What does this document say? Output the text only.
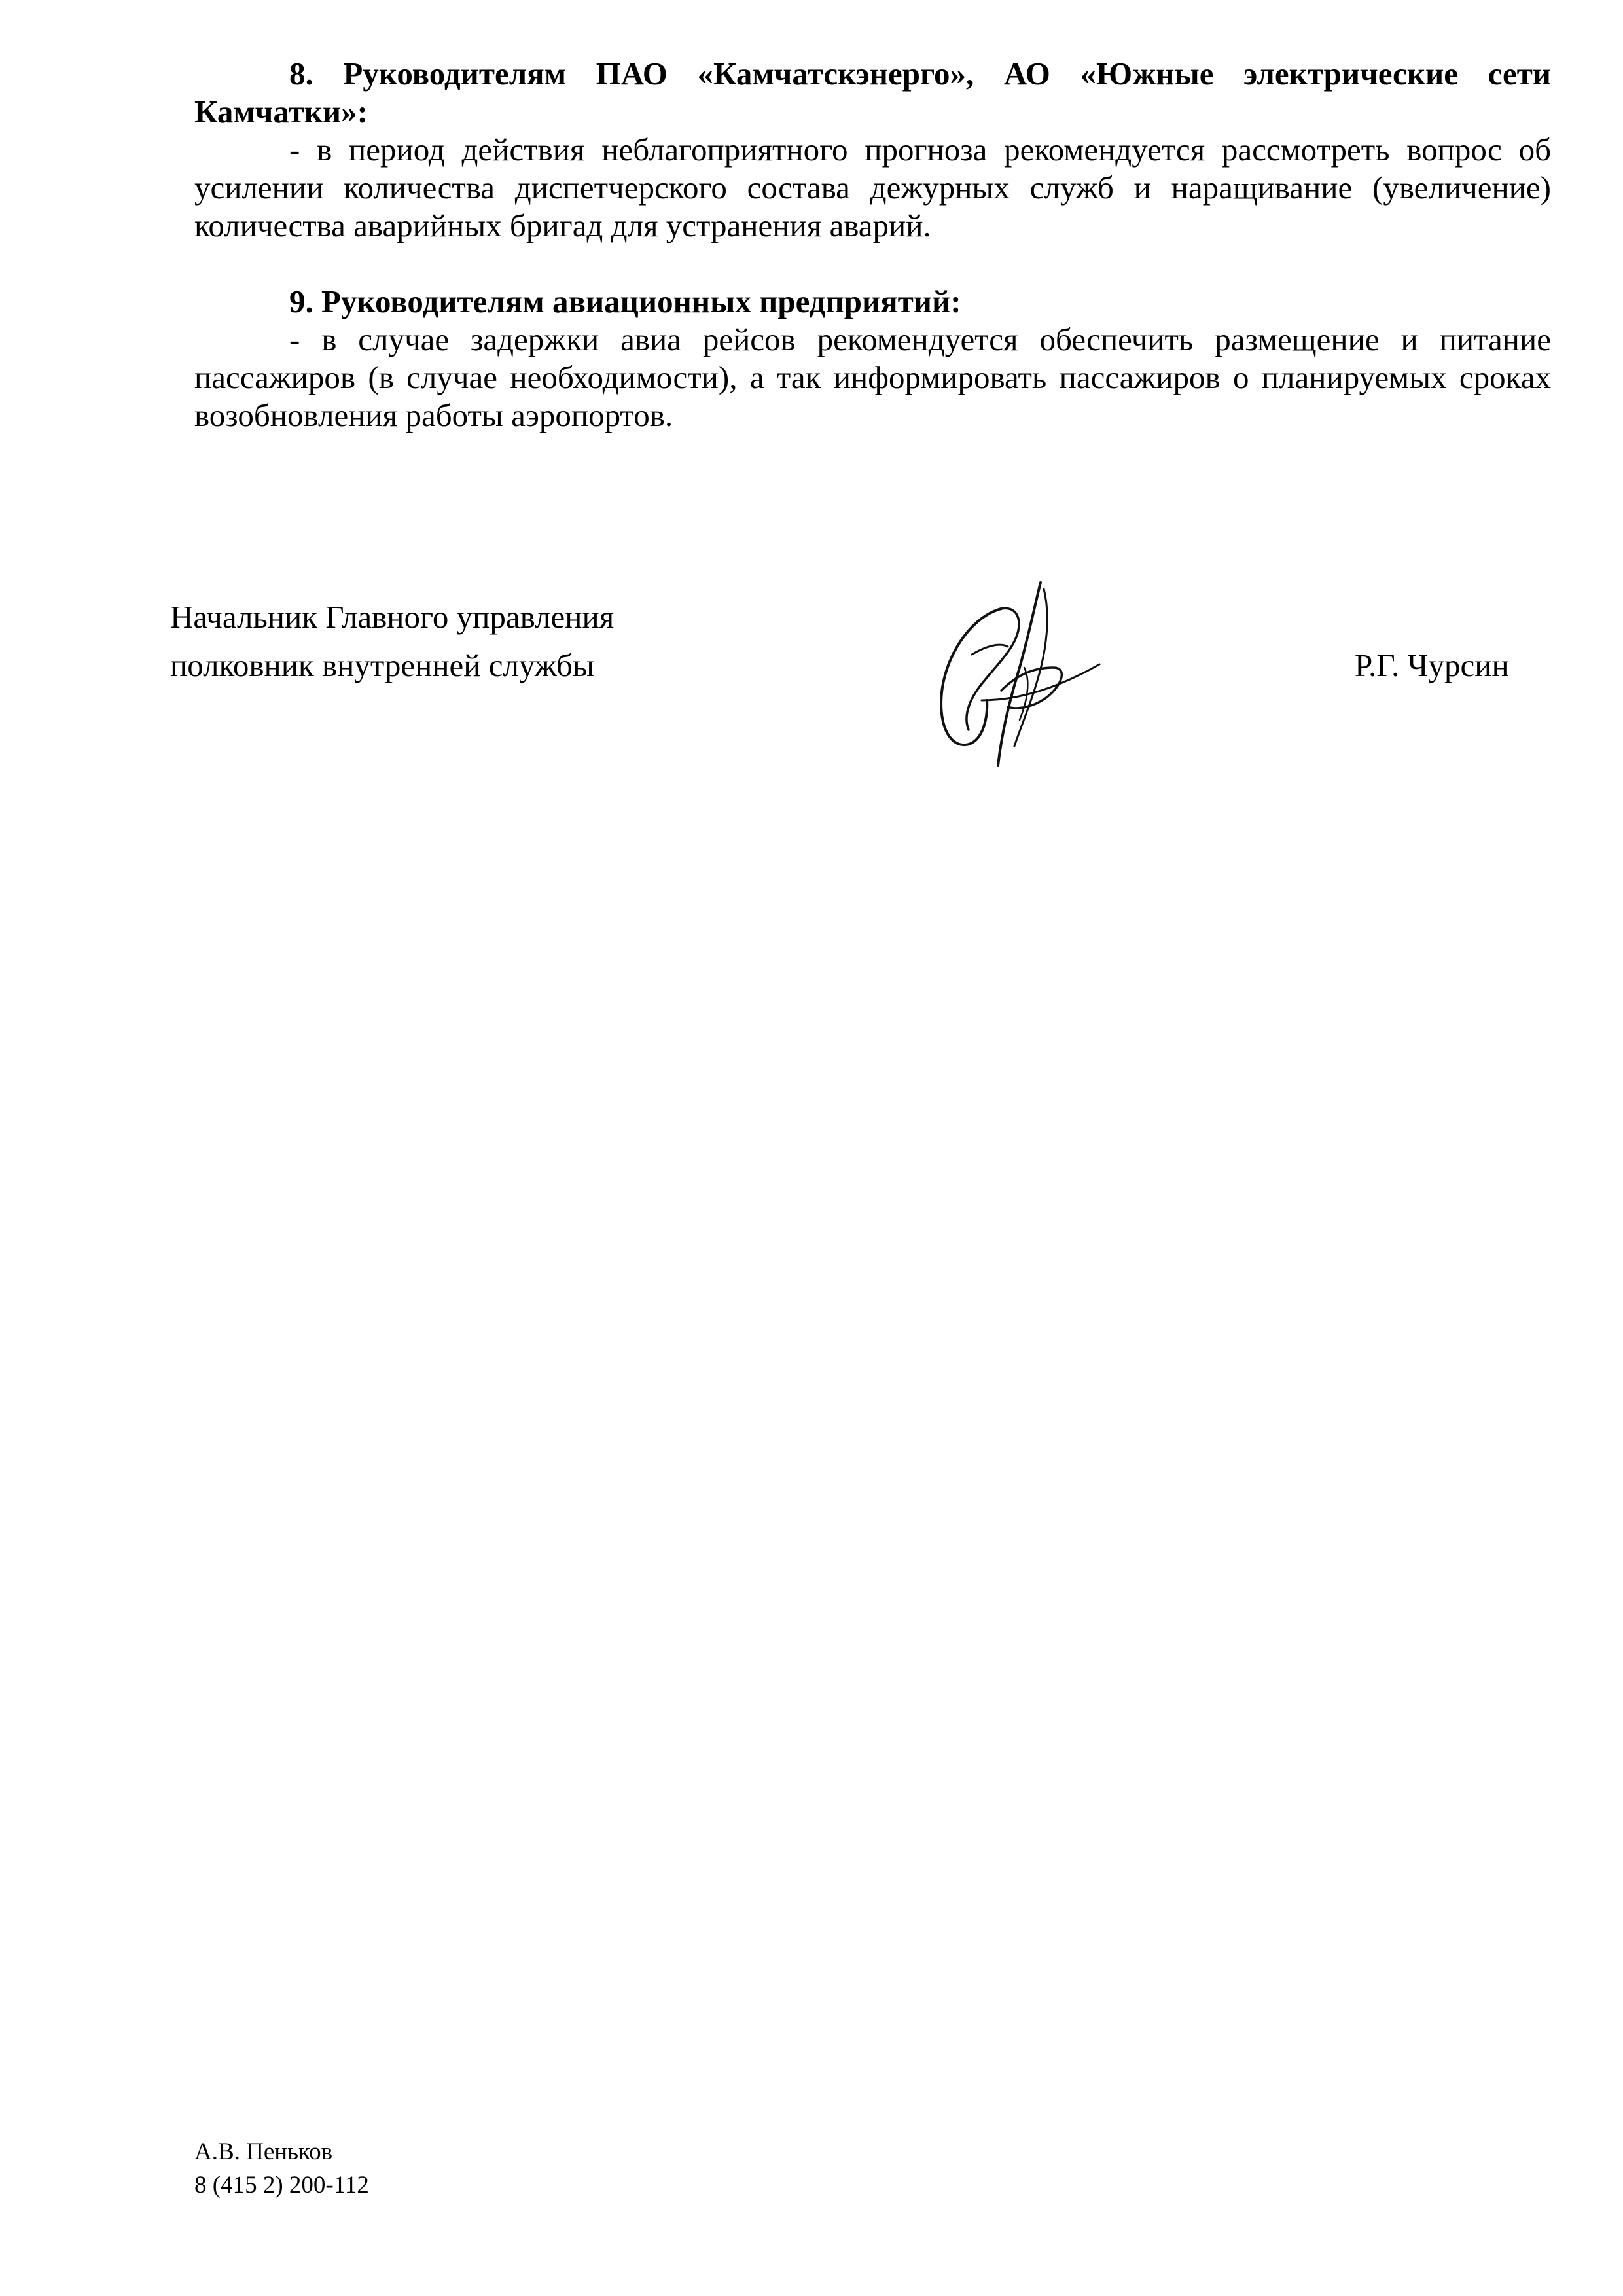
8. Руководителям ПАО «Камчатскэнерго», АО «Южные электрические сети Камчатки»:

- в период действия неблагоприятного прогноза рекомендуется рассмотреть вопрос об усилении количества диспетчерского состава дежурных служб и наращивание (увеличение) количества аварийных бригад для устранения аварий.

9. Руководителям авиационных предприятий:

- в случае задержки авиа рейсов рекомендуется обеспечить размещение и питание пассажиров (в случае необходимости), а так информировать пассажиров о планируемых сроках возобновления работы аэропортов.

Начальник Главного управления
полковник внутренней службы	Р.Г. Чурсин
А.В. Пеньков
8 (415 2) 200-112
